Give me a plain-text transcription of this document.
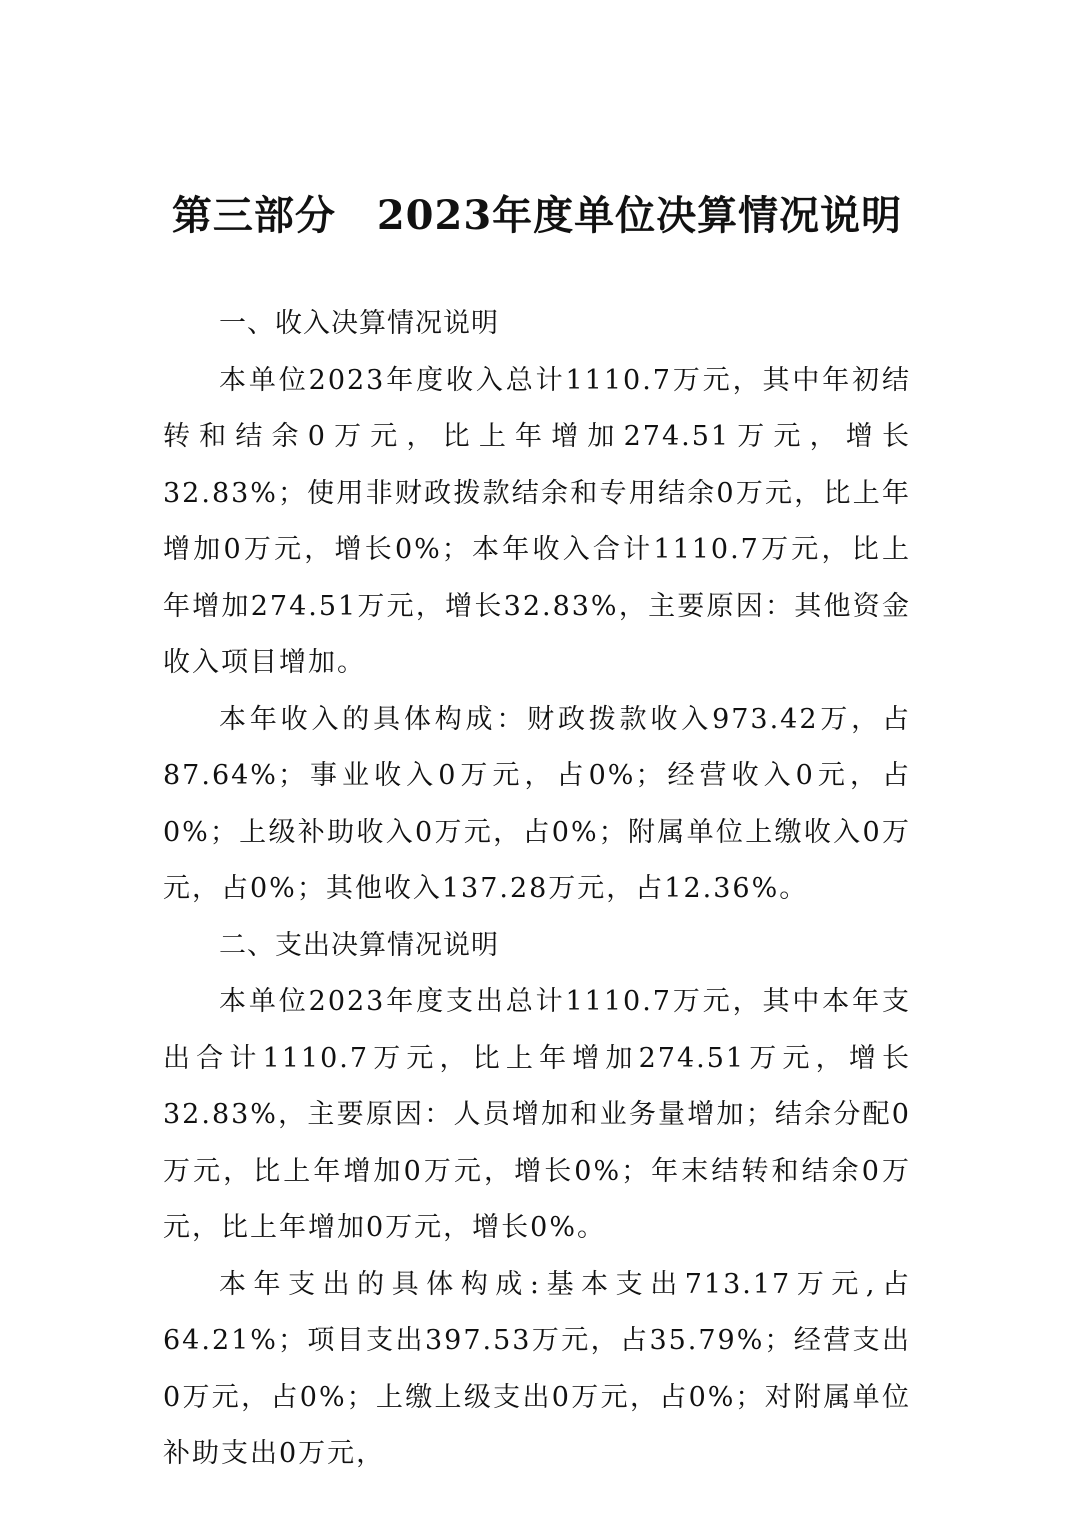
第三部分　2023年度单位决算情况说明

一、收入决算情况说明

本单位2023年度收入总计1110.7万元，其中年初结转和结余0万元，比上年增加274.51万元，增长32.83%；使用非财政拨款结余和专用结余0万元，比上年增加0万元，增长0%；本年收入合计1110.7万元，比上年增加274.51万元，增长32.83%，主要原因：其他资金收入项目增加。

本年收入的具体构成：财政拨款收入973.42万，占87.64%；事业收入0万元，占0%；经营收入0元，占0%；上级补助收入0万元，占0%；附属单位上缴收入0万元，占0%；其他收入137.28万元，占12.36%。

二、支出决算情况说明

本单位2023年度支出总计1110.7万元，其中本年支出合计1110.7万元，比上年增加274.51万元，增长32.83%，主要原因：人员增加和业务量增加；结余分配0万元，比上年增加0万元，增长0%；年末结转和结余0万元，比上年增加0万元，增长0%。

本年支出的具体构成:基本支出713.17万元,占64.21%；项目支出397.53万元，占35.79%；经营支出0万元，占0%；上缴上级支出0万元，占0%；对附属单位补助支出0万元，
